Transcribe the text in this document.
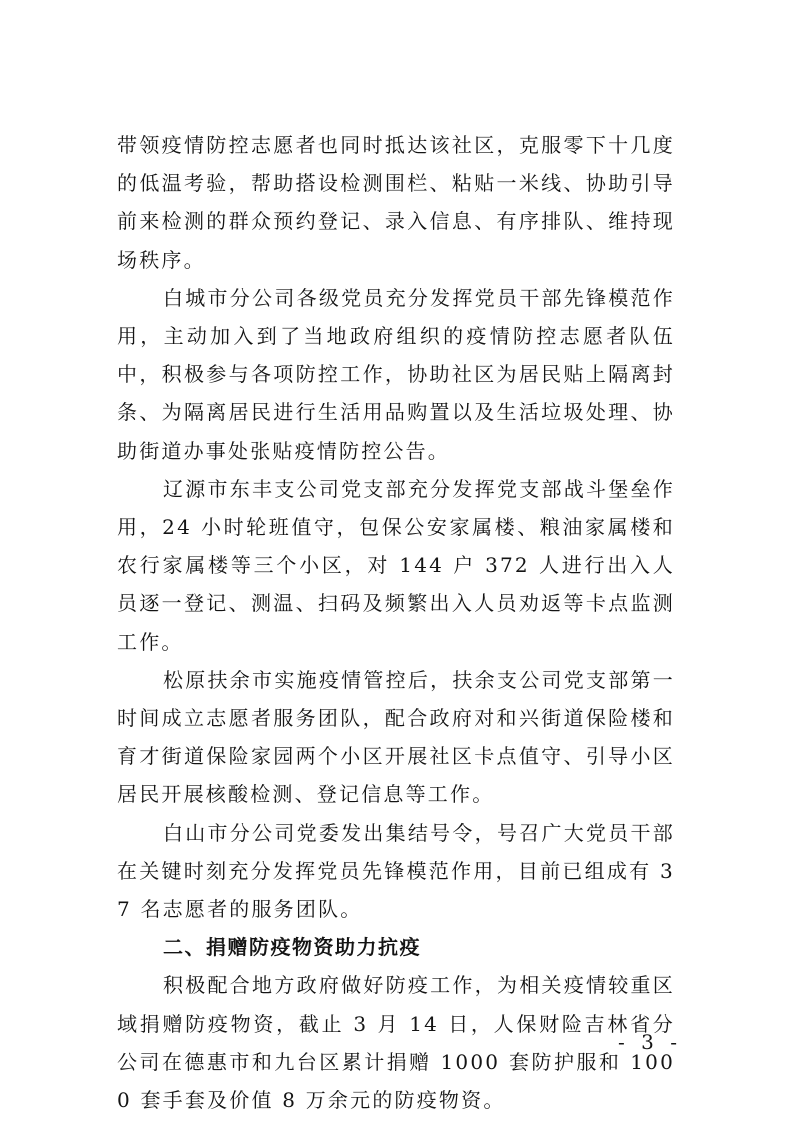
带领疫情防控志愿者也同时抵达该社区，克服零下十几度的低温考验，帮助搭设检测围栏、粘贴一米线、协助引导前来检测的群众预约登记、录入信息、有序排队、维持现场秩序。

白城市分公司各级党员充分发挥党员干部先锋模范作用，主动加入到了当地政府组织的疫情防控志愿者队伍中，积极参与各项防控工作，协助社区为居民贴上隔离封条、为隔离居民进行生活用品购置以及生活垃圾处理、协助街道办事处张贴疫情防控公告。

辽源市东丰支公司党支部充分发挥党支部战斗堡垒作用，24 小时轮班值守，包保公安家属楼、粮油家属楼和农行家属楼等三个小区，对 144 户 372 人进行出入人员逐一登记、测温、扫码及频繁出入人员劝返等卡点监测工作。

松原扶余市实施疫情管控后，扶余支公司党支部第一时间成立志愿者服务团队，配合政府对和兴街道保险楼和育才街道保险家园两个小区开展社区卡点值守、引导小区居民开展核酸检测、登记信息等工作。

白山市分公司党委发出集结号令，号召广大党员干部在关键时刻充分发挥党员先锋模范作用，目前已组成有 37 名志愿者的服务团队。

二、捐赠防疫物资助力抗疫

积极配合地方政府做好防疫工作，为相关疫情较重区域捐赠防疫物资，截止 3 月 14 日，人保财险吉林省分公司在德惠市和九台区累计捐赠 1000 套防护服和 1000 套手套及价值 8 万余元的防疫物资。

- 3 -
